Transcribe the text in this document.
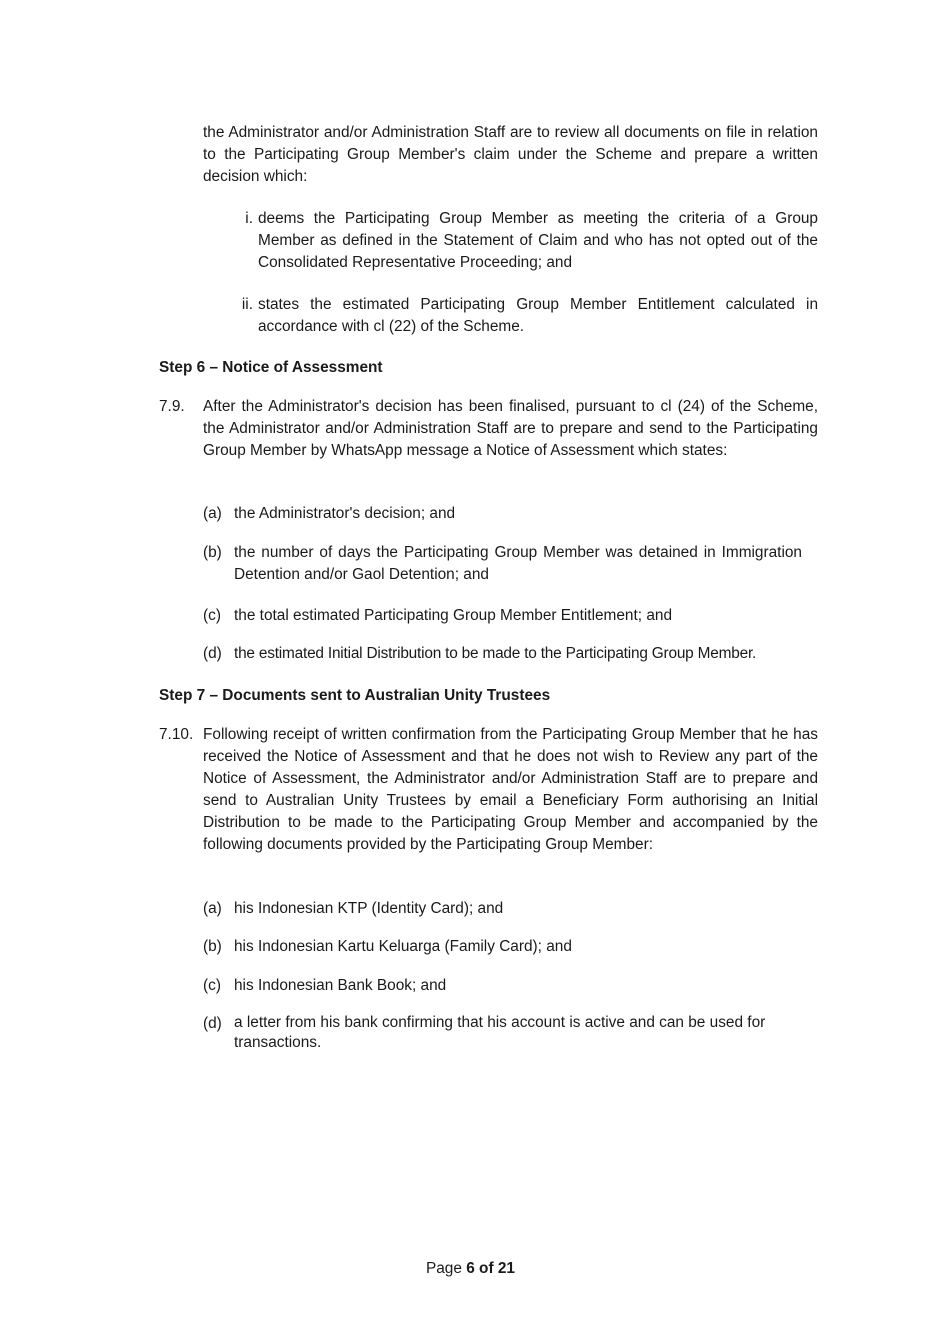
the Administrator and/or Administration Staff are to review all documents on file in relation to the Participating Group Member's claim under the Scheme and prepare a written decision which:
i. deems the Participating Group Member as meeting the criteria of a Group Member as defined in the Statement of Claim and who has not opted out of the Consolidated Representative Proceeding; and
ii. states the estimated Participating Group Member Entitlement calculated in accordance with cl (22) of the Scheme.
Step 6 – Notice of Assessment
7.9. After the Administrator's decision has been finalised, pursuant to cl (24) of the Scheme, the Administrator and/or Administration Staff are to prepare and send to the Participating Group Member by WhatsApp message a Notice of Assessment which states:
(a) the Administrator's decision; and
(b) the number of days the Participating Group Member was detained in Immigration Detention and/or Gaol Detention; and
(c) the total estimated Participating Group Member Entitlement; and
(d) the estimated Initial Distribution to be made to the Participating Group Member.
Step 7 – Documents sent to Australian Unity Trustees
7.10. Following receipt of written confirmation from the Participating Group Member that he has received the Notice of Assessment and that he does not wish to Review any part of the Notice of Assessment, the Administrator and/or Administration Staff are to prepare and send to Australian Unity Trustees by email a Beneficiary Form authorising an Initial Distribution to be made to the Participating Group Member and accompanied by the following documents provided by the Participating Group Member:
(a) his Indonesian KTP (Identity Card); and
(b) his Indonesian Kartu Keluarga (Family Card); and
(c) his Indonesian Bank Book; and
(d) a letter from his bank confirming that his account is active and can be used for transactions.
Page 6 of 21
